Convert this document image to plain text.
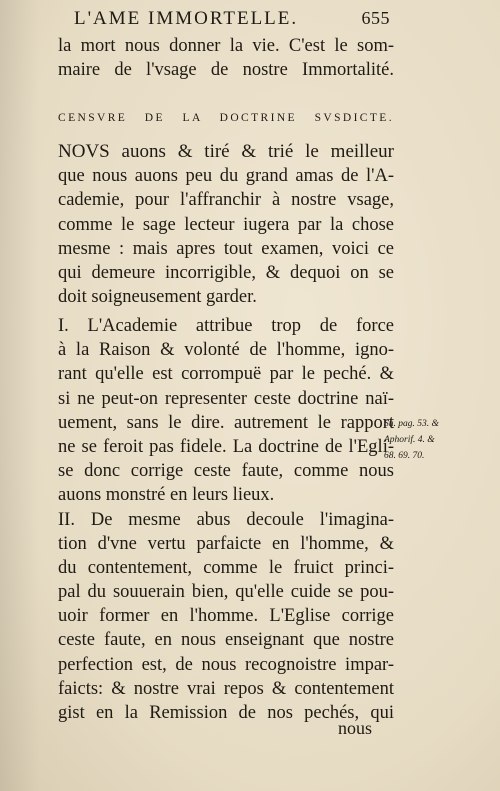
L'AME IMMORTELLE.	655
la mort nous donner la vie. C'est le som-
maire de l'vsage de nostre Immortalité.
CENSVRE DE LA DOCTRINE SVSDICTE.
NOVS auons & tiré & trié le meilleur
que nous auons peu du grand amas de l'A-
cademie, pour l'affranchir à nostre vsage,
comme le sage lecteur iugera par la chose
mesme : mais apres tout examen, voici ce
qui demeure incorrigible, & dequoi on se
doit soigneusement garder.
I. L'Academie attribue trop de force
à la Raison & volonté de l'homme, igno-
rant qu'elle est corrompuë par le peché. &
si ne peut-on representer ceste doctrine naï-
uement, sans le dire. autrement le rapport
ne se feroit pas fidele. La doctrine de l'Egli-
se donc corrige ceste faute, comme nous
auons monstré en leurs lieux.
II. De mesme abus decoule l'imagina-
tion d'vne vertu parfaicte en l'homme, &
du contentement, comme le fruict princi-
pal du souuerain bien, qu'elle cuide se pou-
uoir former en l'homme. L'Eglise corrige
ceste faute, en nous enseignant que nostre
perfection est, de nous recognoistre impar-
faicts: & nostre vrai repos & contentement
gist en la Remission de nos pechés, qui
Su. pag. 53. &
Aphorif. 4. &
68. 69. 70.
nous
